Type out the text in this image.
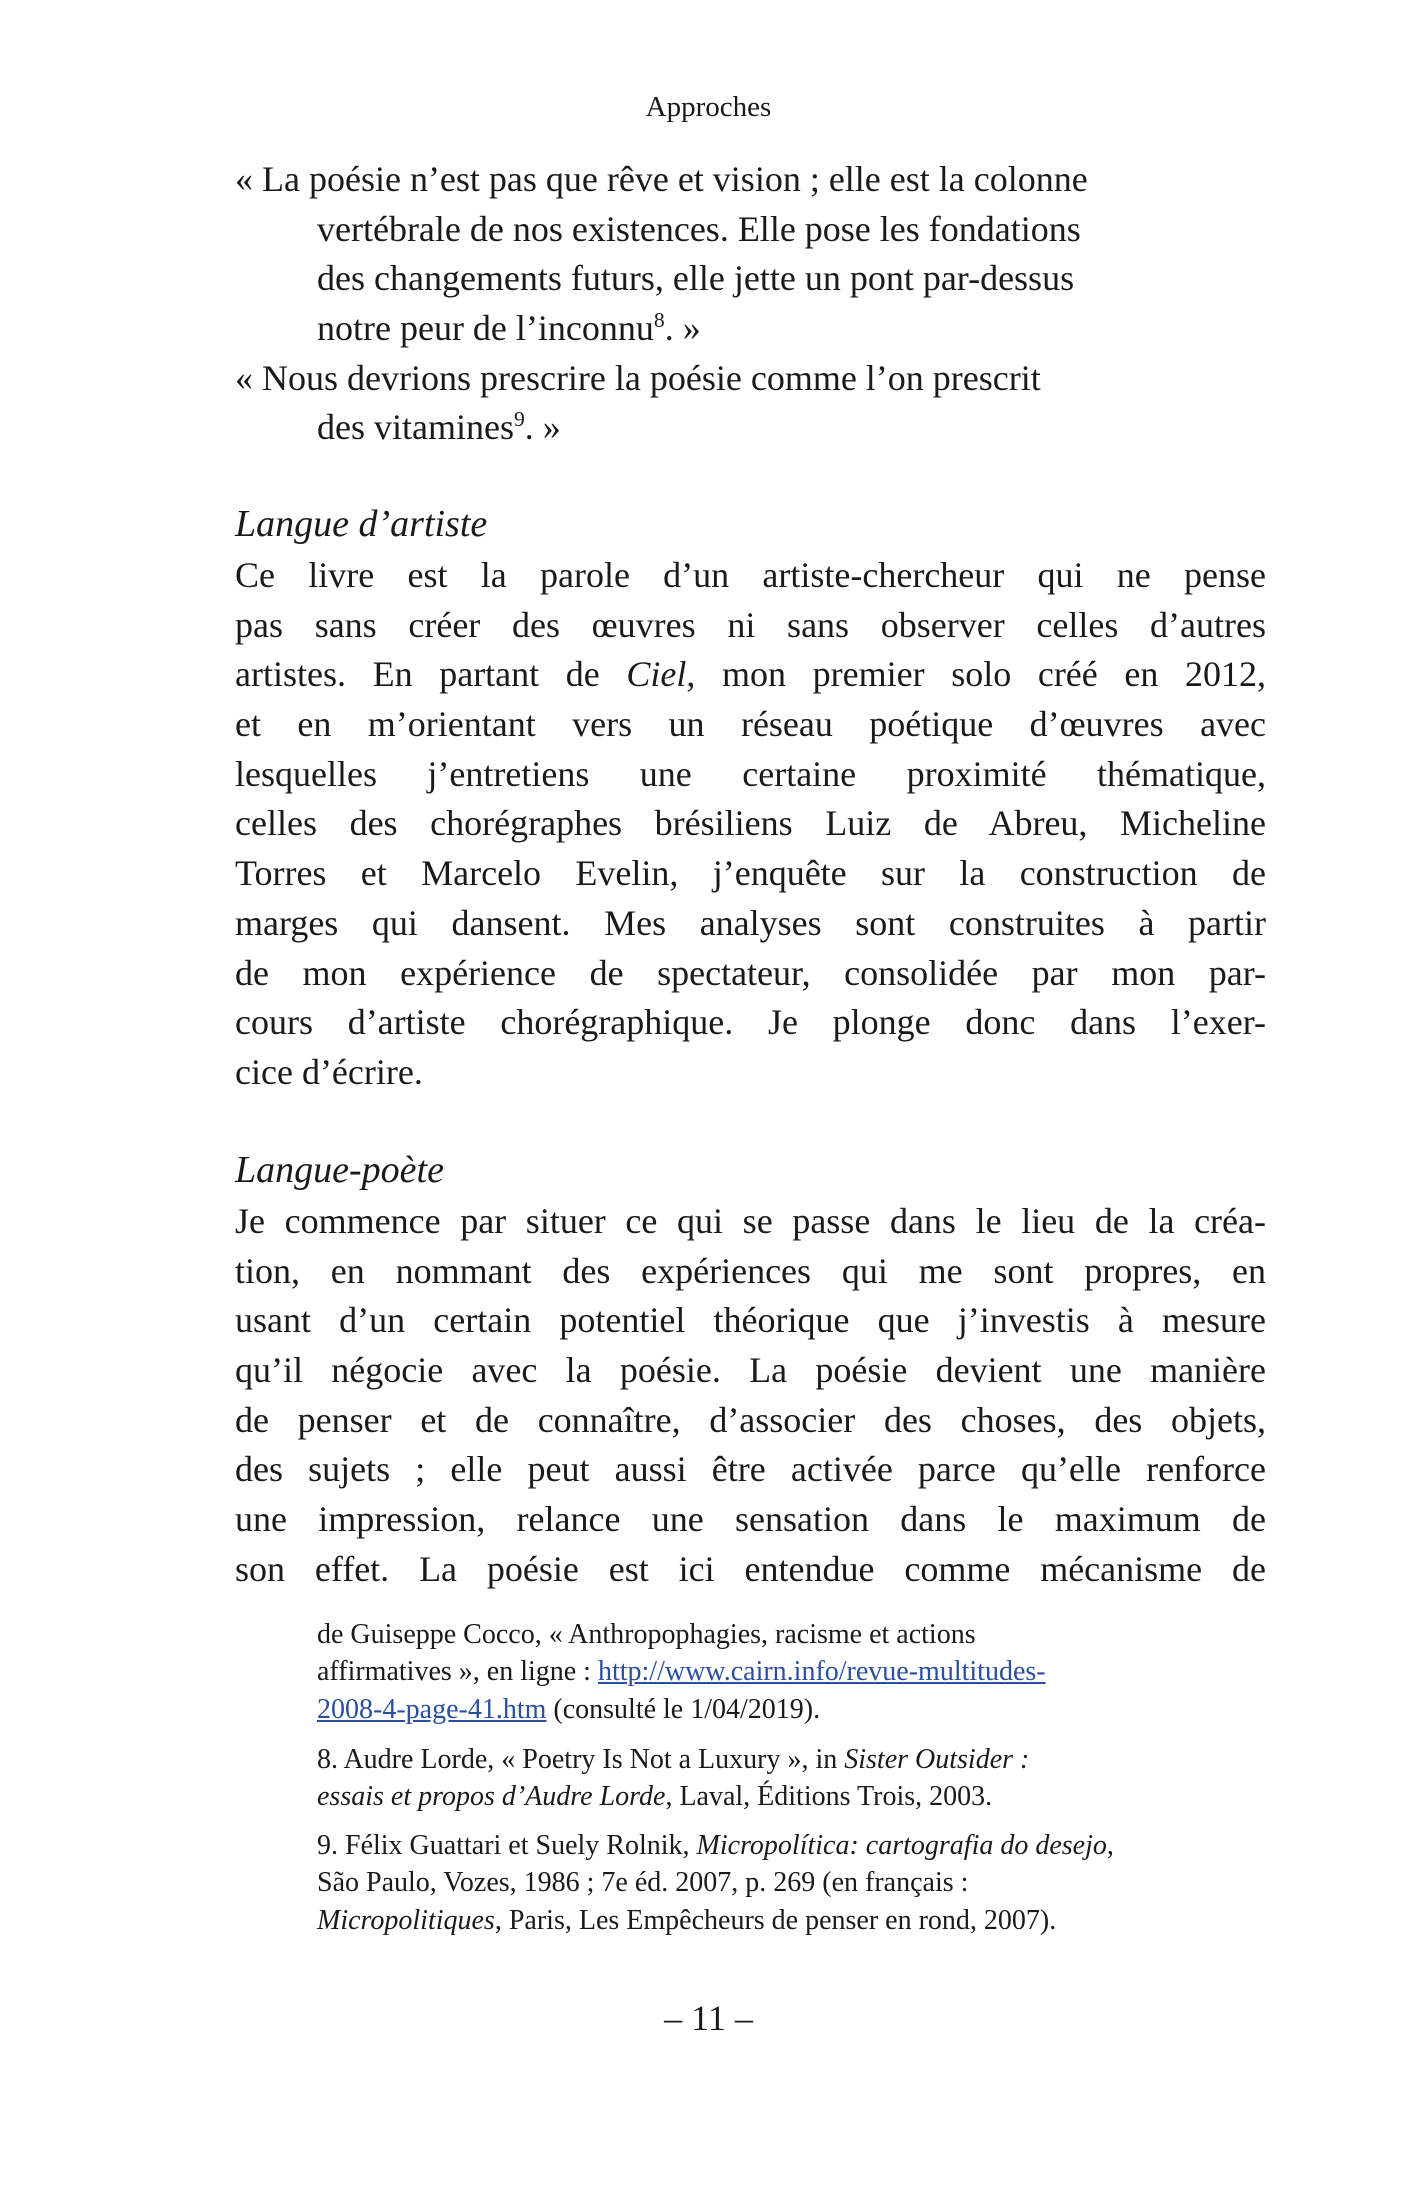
Approches
« La poésie n’est pas que rêve et vision ; elle est la colonne
vertébrale de nos existences. Elle pose les fondations
des changements futurs, elle jette un pont par-dessus
notre peur de l’inconnu$^8$. »
« Nous devrions prescrire la poésie comme l’on prescrit
des vitamines$^9$. »
Langue d’artiste
Ce livre est la parole d’un artiste-chercheur qui ne pense
pas sans créer des œuvres ni sans observer celles d’autres
artistes. En partant de Ciel, mon premier solo créé en 2012,
et en m’orientant vers un réseau poétique d’œuvres avec
lesquelles j’entretiens une certaine proximité thématique,
celles des chorégraphes brésiliens Luiz de Abreu, Micheline
Torres et Marcelo Evelin, j’enquête sur la construction de
marges qui dansent. Mes analyses sont construites à partir
de mon expérience de spectateur, consolidée par mon par-
cours d’artiste chorégraphique. Je plonge donc dans l’exer-
cice d’écrire.
Langue-poète
Je commence par situer ce qui se passe dans le lieu de la créa-
tion, en nommant des expériences qui me sont propres, en
usant d’un certain potentiel théorique que j’investis à mesure
qu’il négocie avec la poésie. La poésie devient une manière
de penser et de connaître, d’associer des choses, des objets,
des sujets ; elle peut aussi être activée parce qu’elle renforce
une impression, relance une sensation dans le maximum de
son effet. La poésie est ici entendue comme mécanisme de
de Guiseppe Cocco, « Anthropophagies, racisme et actions
affirmatives », en ligne : http://www.cairn.info/revue-multitudes-
2008-4-page-41.htm (consulté le 1/04/2019).
8. Audre Lorde, « Poetry Is Not a Luxury », in Sister Outsider :
essais et propos d’Audre Lorde, Laval, Éditions Trois, 2003.
9. Félix Guattari et Suely Rolnik, Micropolítica: cartografia do desejo,
São Paulo, Vozes, 1986 ; 7e éd. 2007, p. 269 (en français :
Micropolitiques, Paris, Les Empêcheurs de penser en rond, 2007).
– 11 –
